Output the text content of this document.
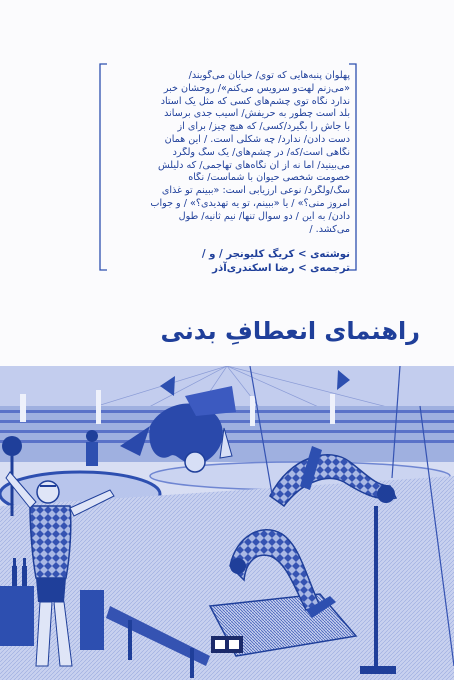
پهلوان پنبه‌هایی که توی/ خیابان می‌گویند/
«می‌زنم لهت‌و سرویس می‌کنم»/ روحشان خبر
ندارد نگاه توی چشم‌های کسی که مثل یک استاد
بلد است چطور به حریفش/ آسیب جدی برساند
با جاش را بگیرد/کسی/ که هیچ چیز/ برای از
دست دادن/ ندارد/ چه شکلی است. / این همان
نگاهی است/که/ در چشم‌های/ یک سگ ولگرد
می‌بینید/ اما نه از آن نگاه‌های تهاجمی/ که دلیلش
خصومت شخصی حیوان با شماست/ نگاه
سگ/ولگرد/ نوعی ارزیابی است: «ببینم تو غذای
امروز منی؟» / یا «ببینم، تو یه تهدیدی؟» / و جواب
دادن/ به این / دو سوال تنها/ نیم ثانیه/ طول
می‌کشد. /
نوشته‌ی > کریگ کلیونجر / و /
ترجمه‌ی > رضا اسکندری‌آذر
راهنمای انعطافِ بدنی
